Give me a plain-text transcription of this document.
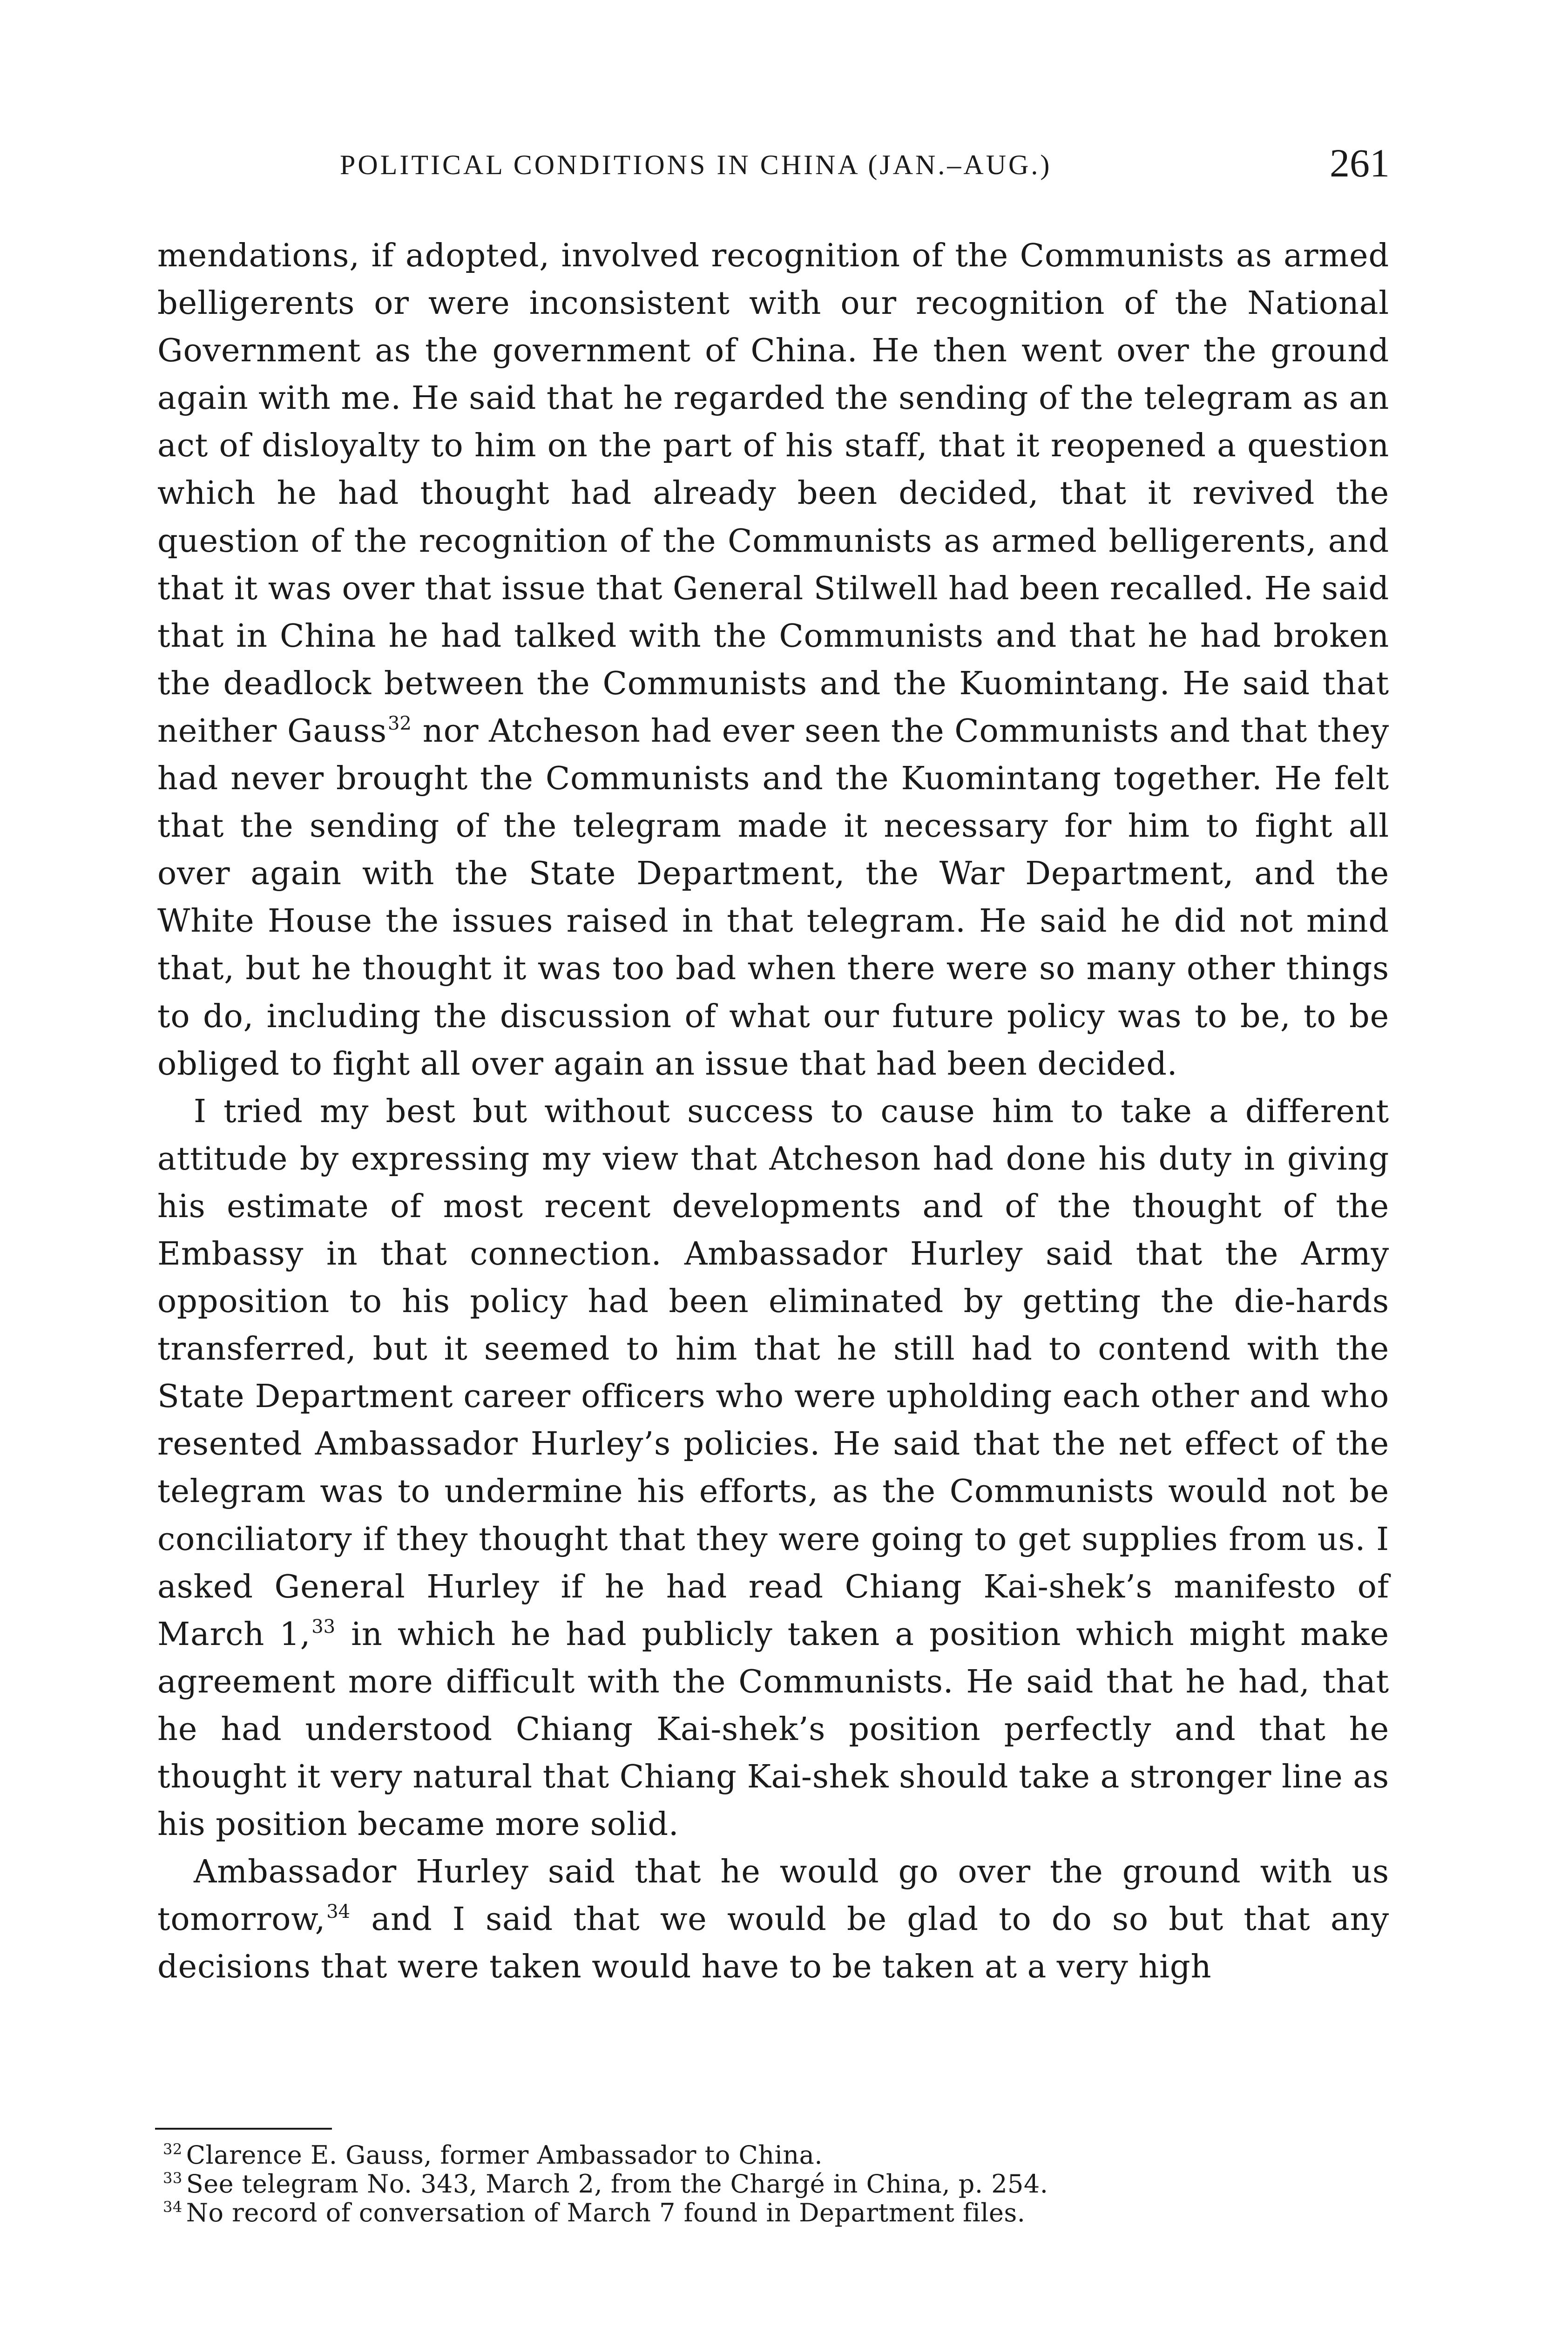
POLITICAL CONDITIONS IN CHINA (JAN.–AUG.)	261

mendations, if adopted, involved recognition of the Communists as armed belligerents or were inconsistent with our recognition of the National Government as the government of China. He then went over the ground again with me. He said that he regarded the sending of the telegram as an act of disloyalty to him on the part of his staff, that it reopened a question which he had thought had already been decided, that it revived the question of the recognition of the Communists as armed belligerents, and that it was over that issue that General Stilwell had been recalled. He said that in China he had talked with the Communists and that he had broken the deadlock between the Communists and the Kuomintang. He said that neither Gauss$^{32}$ nor Atcheson had ever seen the Communists and that they had never brought the Communists and the Kuomintang together. He felt that the sending of the telegram made it necessary for him to fight all over again with the State Department, the War Department, and the White House the issues raised in that telegram. He said he did not mind that, but he thought it was too bad when there were so many other things to do, including the discussion of what our future policy was to be, to be obliged to fight all over again an issue that had been decided.

I tried my best but without success to cause him to take a different attitude by expressing my view that Atcheson had done his duty in giving his estimate of most recent developments and of the thought of the Embassy in that connection. Ambassador Hurley said that the Army opposition to his policy had been eliminated by getting the die-hards transferred, but it seemed to him that he still had to contend with the State Department career officers who were upholding each other and who resented Ambassador Hurley’s policies. He said that the net effect of the telegram was to undermine his efforts, as the Communists would not be conciliatory if they thought that they were going to get supplies from us. I asked General Hurley if he had read Chiang Kai-shek’s manifesto of March 1,33 in which he had publicly taken a position which might make agreement more difficult with the Communists. He said that he had, that he had understood Chiang Kai-shek’s position perfectly and that he thought it very natural that Chiang Kai-shek should take a stronger line as his position became more solid.

Ambassador Hurley said that he would go over the ground with us tomorrow,$^{34}$ and I said that we would be glad to do so but that any decisions that were taken would have to be taken at a very high

$^{32}$ Clarence E. Gauss, former Ambassador to China.
$^{33}$ See telegram No. 343, March 2, from the Chargé in China, p. 254.
$^{34}$ No record of conversation of March 7 found in Department files.
